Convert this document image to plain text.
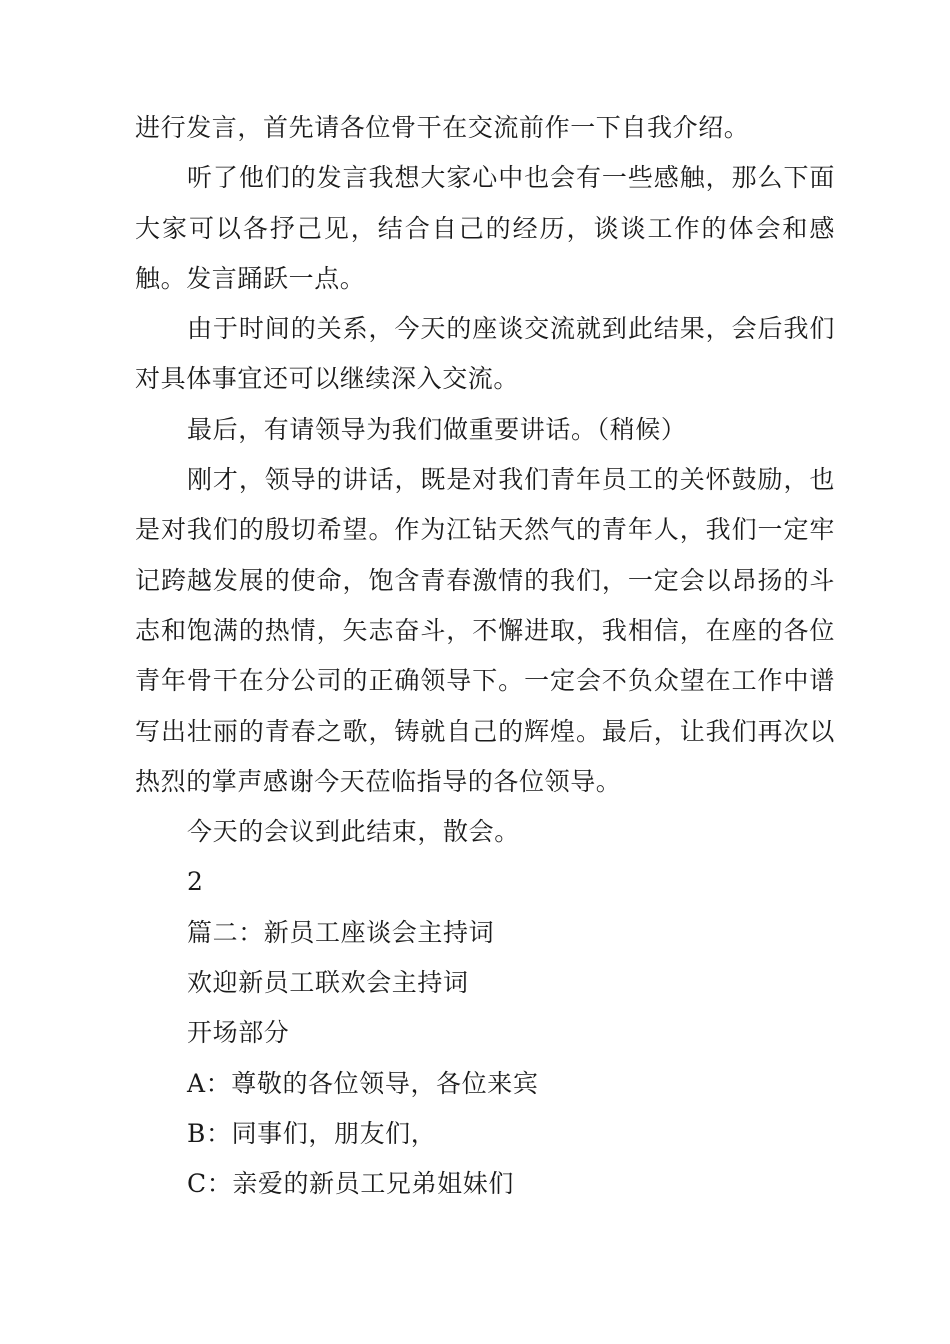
进行发言，首先请各位骨干在交流前作一下自我介绍。

听了他们的发言我想大家心中也会有一些感触，那么下面大家可以各抒己见，结合自己的经历，谈谈工作的体会和感触。发言踊跃一点。

由于时间的关系，今天的座谈交流就到此结果，会后我们对具体事宜还可以继续深入交流。

最后，有请领导为我们做重要讲话。（稍候）

刚才，领导的讲话，既是对我们青年员工的关怀鼓励，也是对我们的殷切希望。作为江钻天然气的青年人，我们一定牢记跨越发展的使命，饱含青春激情的我们，一定会以昂扬的斗志和饱满的热情，矢志奋斗，不懈进取，我相信，在座的各位青年骨干在分公司的正确领导下。一定会不负众望在工作中谱写出壮丽的青春之歌，铸就自己的辉煌。最后，让我们再次以热烈的掌声感谢今天莅临指导的各位领导。

今天的会议到此结束，散会。

2

篇二：新员工座谈会主持词

欢迎新员工联欢会主持词

开场部分

A：尊敬的各位领导，各位来宾

B：同事们，朋友们，

C：亲爱的新员工兄弟姐妹们
